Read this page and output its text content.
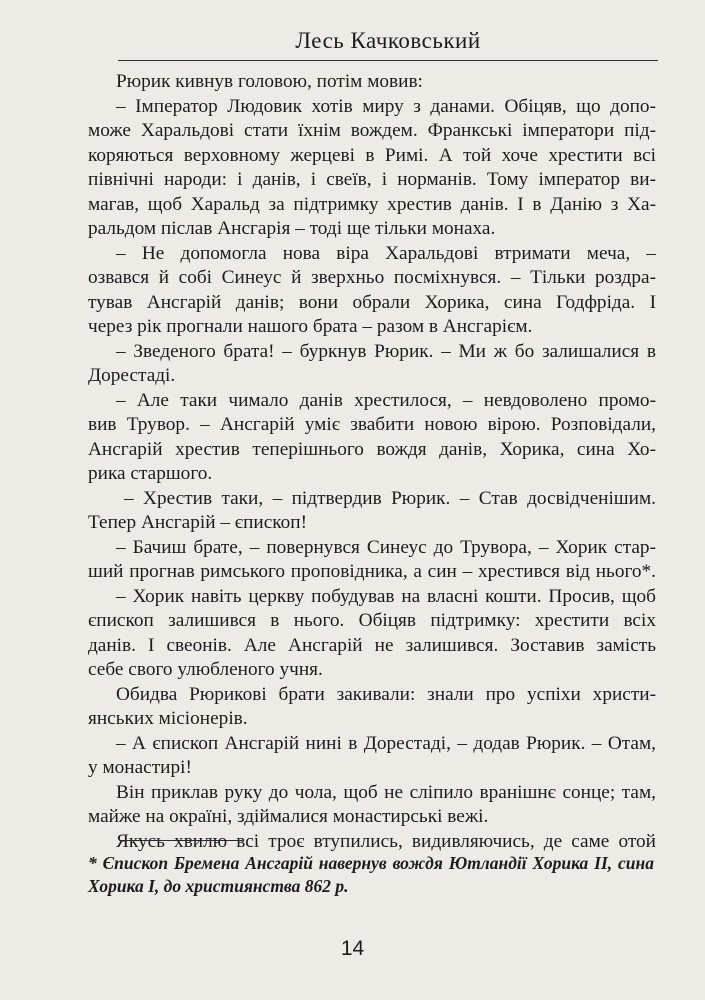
Лесь Качковський
Рюрик кивнув головою, потім мовив:
– Імператор Людовик хотів миру з данами. Обіцяв, що допо-
може Харальдові стати їхнім вождем. Франкські імператори під-
коряються верховному жерцеві в Римі. А той хоче хрестити всі
північні народи: і данів, і свеїв, і норманів. Тому імператор ви-
магав, щоб Харальд за підтримку хрестив данів. І в Данію з Ха-
ральдом післав Ансгарія – тоді ще тільки монаха.
– Не допомогла нова віра Харальдові втримати меча, –
озвався й собі Синеус й зверхньо посміхнувся. – Тільки роздра-
тував Ансгарій данів; вони обрали Хорика, сина Годфріда. І
через рік прогнали нашого брата – разом в Ансгарієм.
– Зведеного брата! – буркнув Рюрик. – Ми ж бо залишалися в
Дорестаді.
– Але таки чимало данів хрестилося, – невдоволено промо-
вив Трувор. – Ансгарій уміє звабити новою вірою. Розповідали,
Ансгарій хрестив теперішнього вождя данів, Хорика, сина Хо-
рика старшого.
– Хрестив таки, – підтвердив Рюрик. – Став досвідченішим.
Тепер Ансгарій – єпископ!
– Бачиш брате, – повернувся Синеус до Трувора, – Хорик стар-
ший прогнав римського проповідника, а син – хрестився від нього*.
– Хорик навіть церкву побудував на власні кошти. Просив, щоб
єпископ залишився в нього. Обіцяв підтримку: хрестити всіх
данів. І свеонів. Але Ансгарій не залишився. Зоставив замість
себе свого улюбленого учня.
Обидва Рюрикові брати закивали: знали про успіхи христи-
янських місіонерів.
– А єпископ Ансгарій нині в Дорестаді, – додав Рюрик. – Отам,
у монастирі!
Він приклав руку до чола, щоб не сліпило вранішнє сонце; там,
майже на окраїні, здіймалися монастирські вежі.
Якусь хвилю всі троє втупились, видивляючись, де саме отой
* Єпископ Бремена Ансгарій навернув вождя Ютландії Хорика ІІ, сина
Хорика І, до християнства 862 р.
14
